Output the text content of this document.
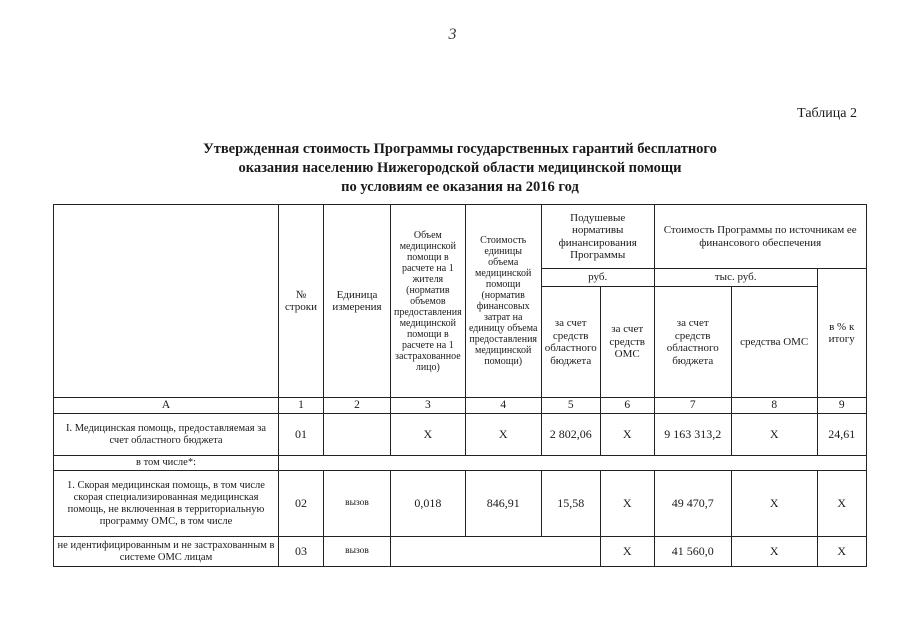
3
Таблица 2
Утвержденная стоимость Программы государственных гарантий бесплатного
оказания населению Нижегородской области медицинской помощи
по условиям ее оказания на 2016 год
	№ строки	Единица измерения	Объем медицинской помощи в расчете на 1 жителя (норматив объемов предоставления медицинской помощи в расчете на 1 застрахованное лицо)	Стоимость единицы объема медицинской помощи (норматив финансовых затрат на единицу объема предоставления медицинской помощи)	Подушевые нормативы финансирования Программы		Стоимость Программы по источникам ее финансового обеспечения		
					руб.		тыс. руб.		в % к итогу
					за счет средств областного бюджета	за счет средств ОМС	за счет средств областного бюджета	средства ОМС	
А	1	2	3	4	5	6	7	8	9
I. Медицинская помощь, предоставляемая за счет областного бюджета	01		Х	Х	2 802,06	Х	9 163 313,2	Х	24,61
в том числе*:									
1. Скорая медицинская помощь, в том числе скорая специализированная медицинская помощь, не включенная в территориальную программу ОМС, в том числе	02	вызов	0,018	846,91	15,58	Х	49 470,7	Х	Х
не идентифицированным и не застрахованным в системе ОМС лицам	03	вызов				Х	41 560,0	Х	Х
